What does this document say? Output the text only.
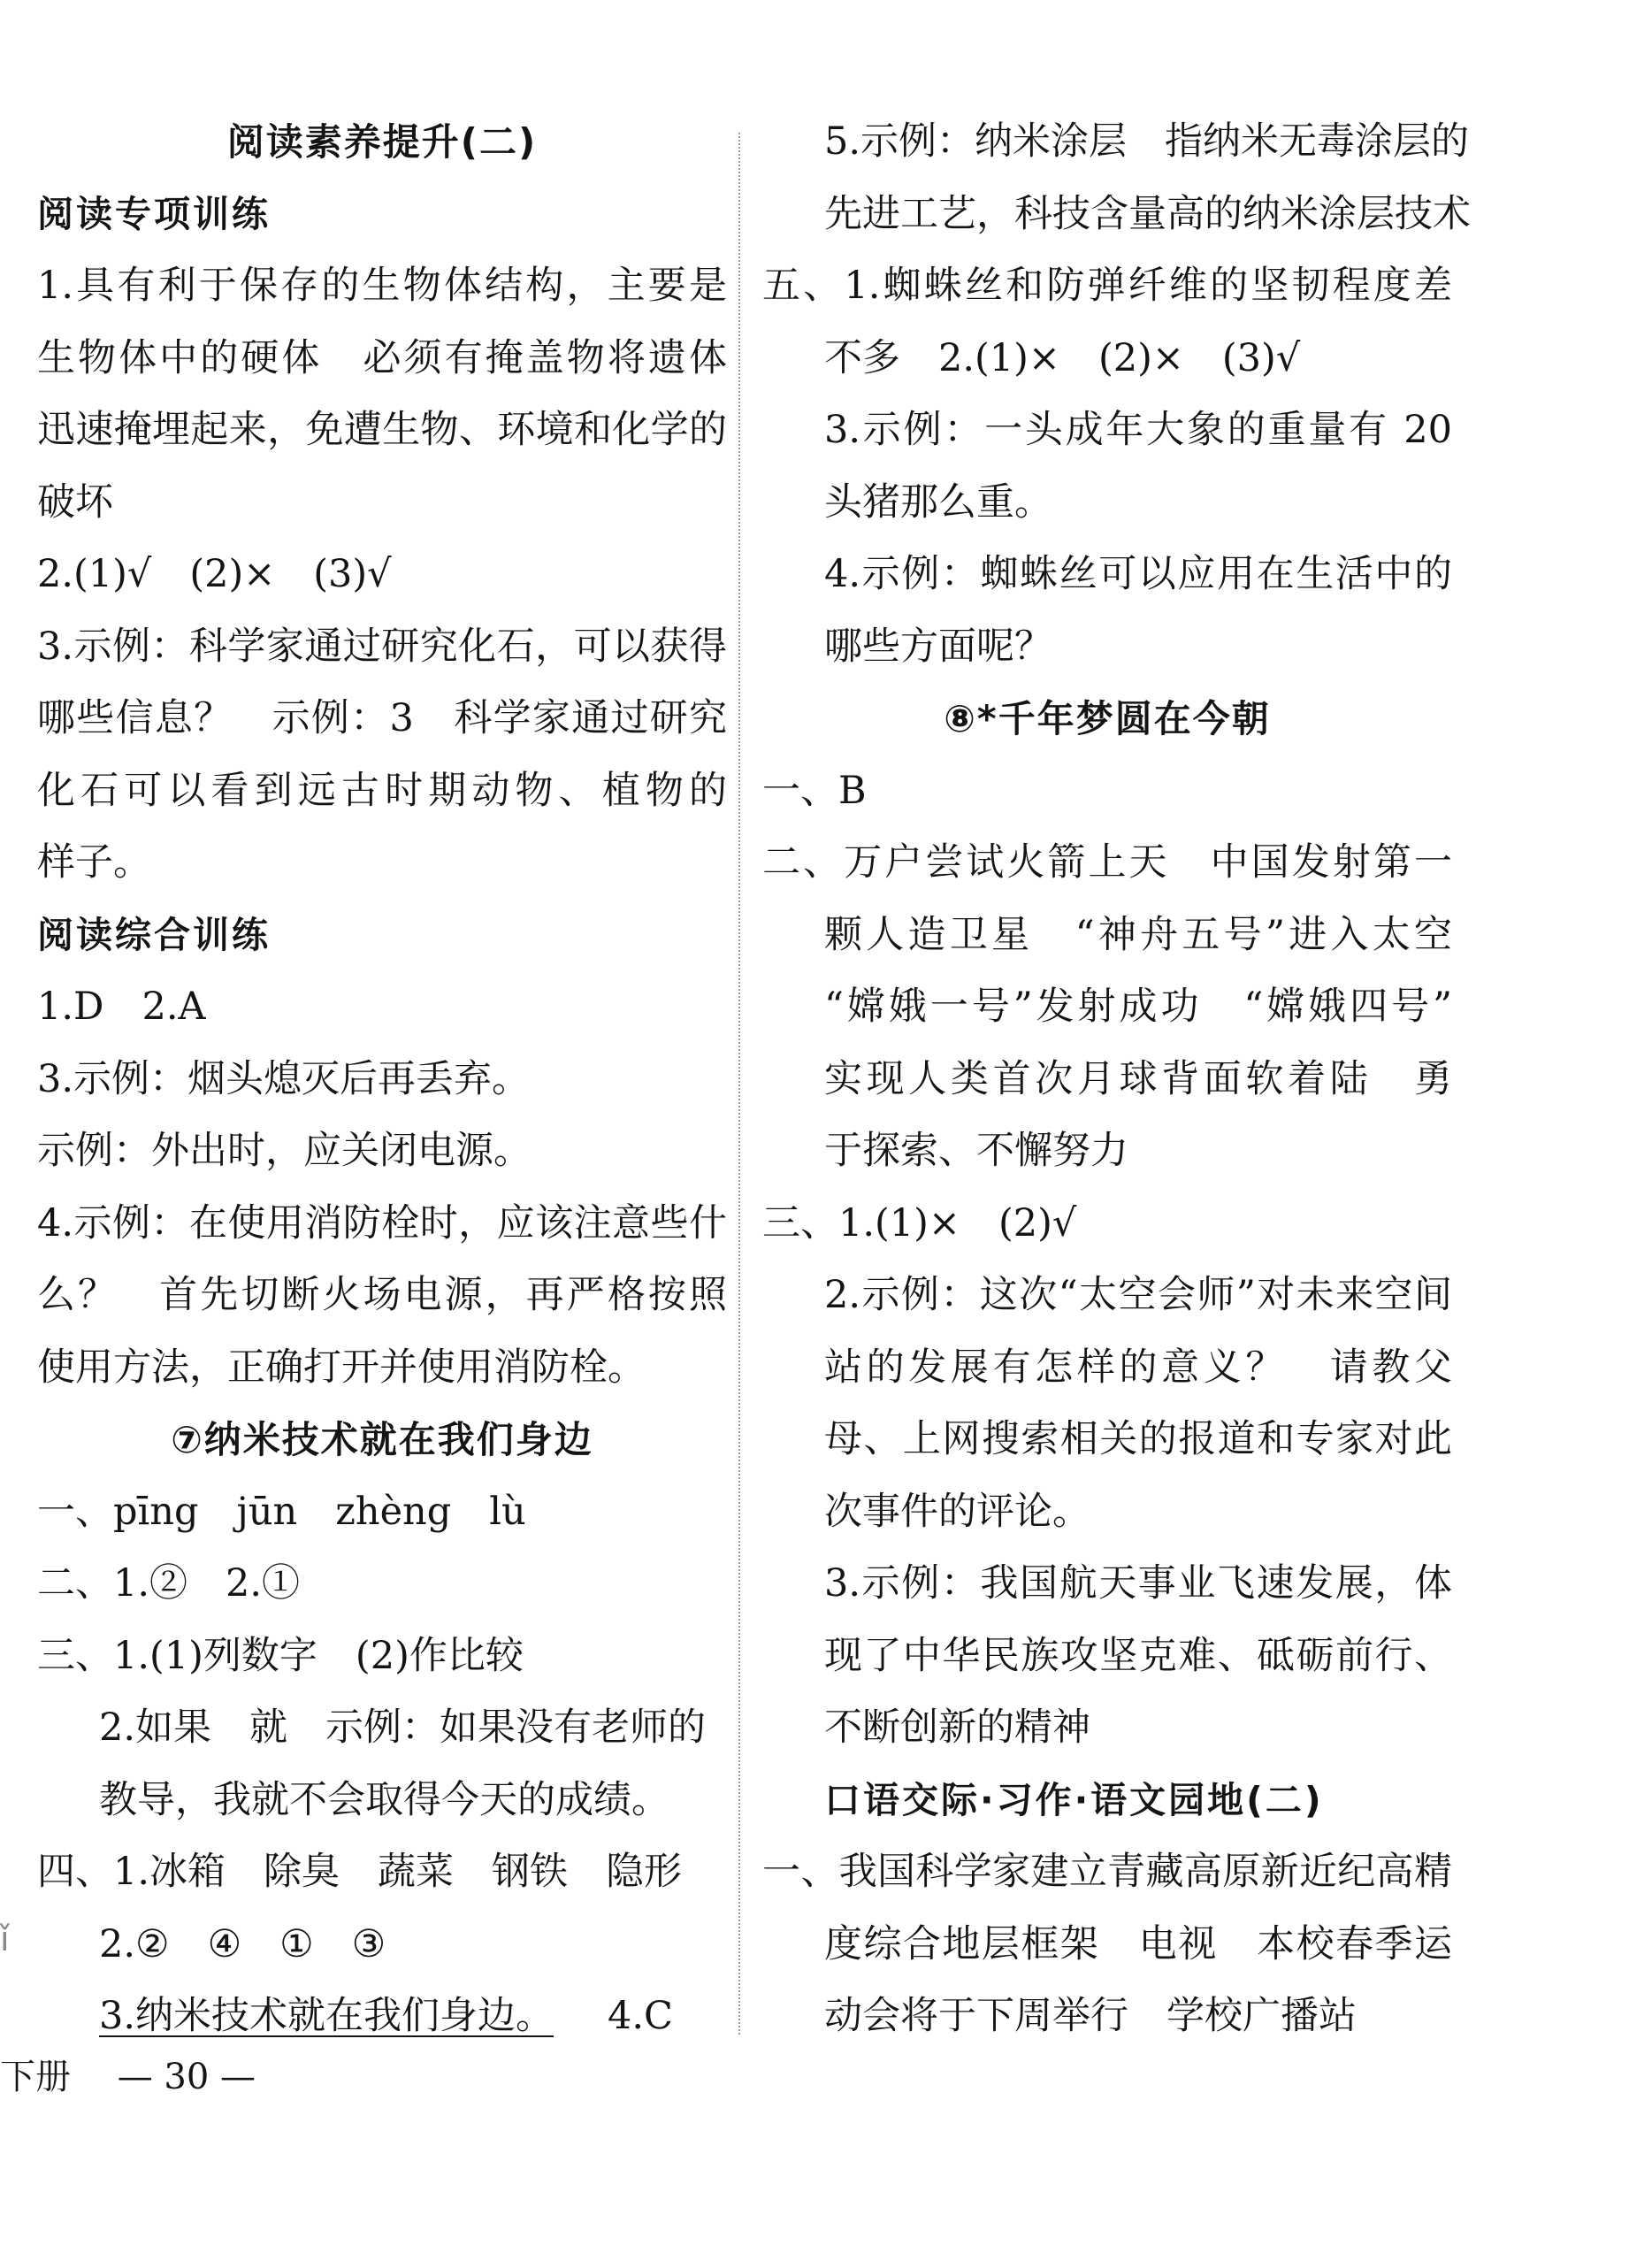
阅读素养提升(二)
阅读专项训练
1.具有利于保存的生物体结构，主要是
生物体中的硬体　必须有掩盖物将遗体
迅速掩埋起来，免遭生物、环境和化学的
破坏
2.(1)√　(2)×　(3)√
3.示例：科学家通过研究化石，可以获得
哪些信息？　示例：3　科学家通过研究
化石可以看到远古时期动物、植物的
样子。
阅读综合训练
1.D　2.A
3.示例：烟头熄灭后再丢弃。
示例：外出时，应关闭电源。
4.示例：在使用消防栓时，应该注意些什
么？　首先切断火场电源，再严格按照
使用方法，正确打开并使用消防栓。
⑦纳米技术就在我们身边
一、pīng　jūn　zhèng　lù
二、1.②　2.①
三、1.(1)列数字　(2)作比较
2.如果　就　示例：如果没有老师的
教导，我就不会取得今天的成绩。
四、1.冰箱　除臭　蔬菜　钢铁　隐形
2.②　④　①　③
3.纳米技术就在我们身边。 4.C
5.示例：纳米涂层　指纳米无毒涂层的
先进工艺，科技含量高的纳米涂层技术
五、1.蜘蛛丝和防弹纤维的坚韧程度差
不多　2.(1)×　(2)×　(3)√
3.示例：一头成年大象的重量有 20
头猪那么重。
4.示例：蜘蛛丝可以应用在生活中的
哪些方面呢？
⑧*千年梦圆在今朝
一、B
二、万户尝试火箭上天　中国发射第一
颗人造卫星　“神舟五号”进入太空
“嫦娥一号”发射成功　“嫦娥四号”
实现人类首次月球背面软着陆　勇
于探索、不懈努力
三、1.(1)×　(2)√
2.示例：这次“太空会师”对未来空间
站的发展有怎样的意义？　请教父
母、上网搜索相关的报道和专家对此
次事件的评论。
3.示例：我国航天事业飞速发展，体
现了中华民族攻坚克难、砥砺前行、
不断创新的精神
口语交际·习作·语文园地(二)
一、我国科学家建立青藏高原新近纪高精
度综合地层框架　电视　本校春季运
动会将于下周举行　学校广播站
ǐ
下册 — 30 —
